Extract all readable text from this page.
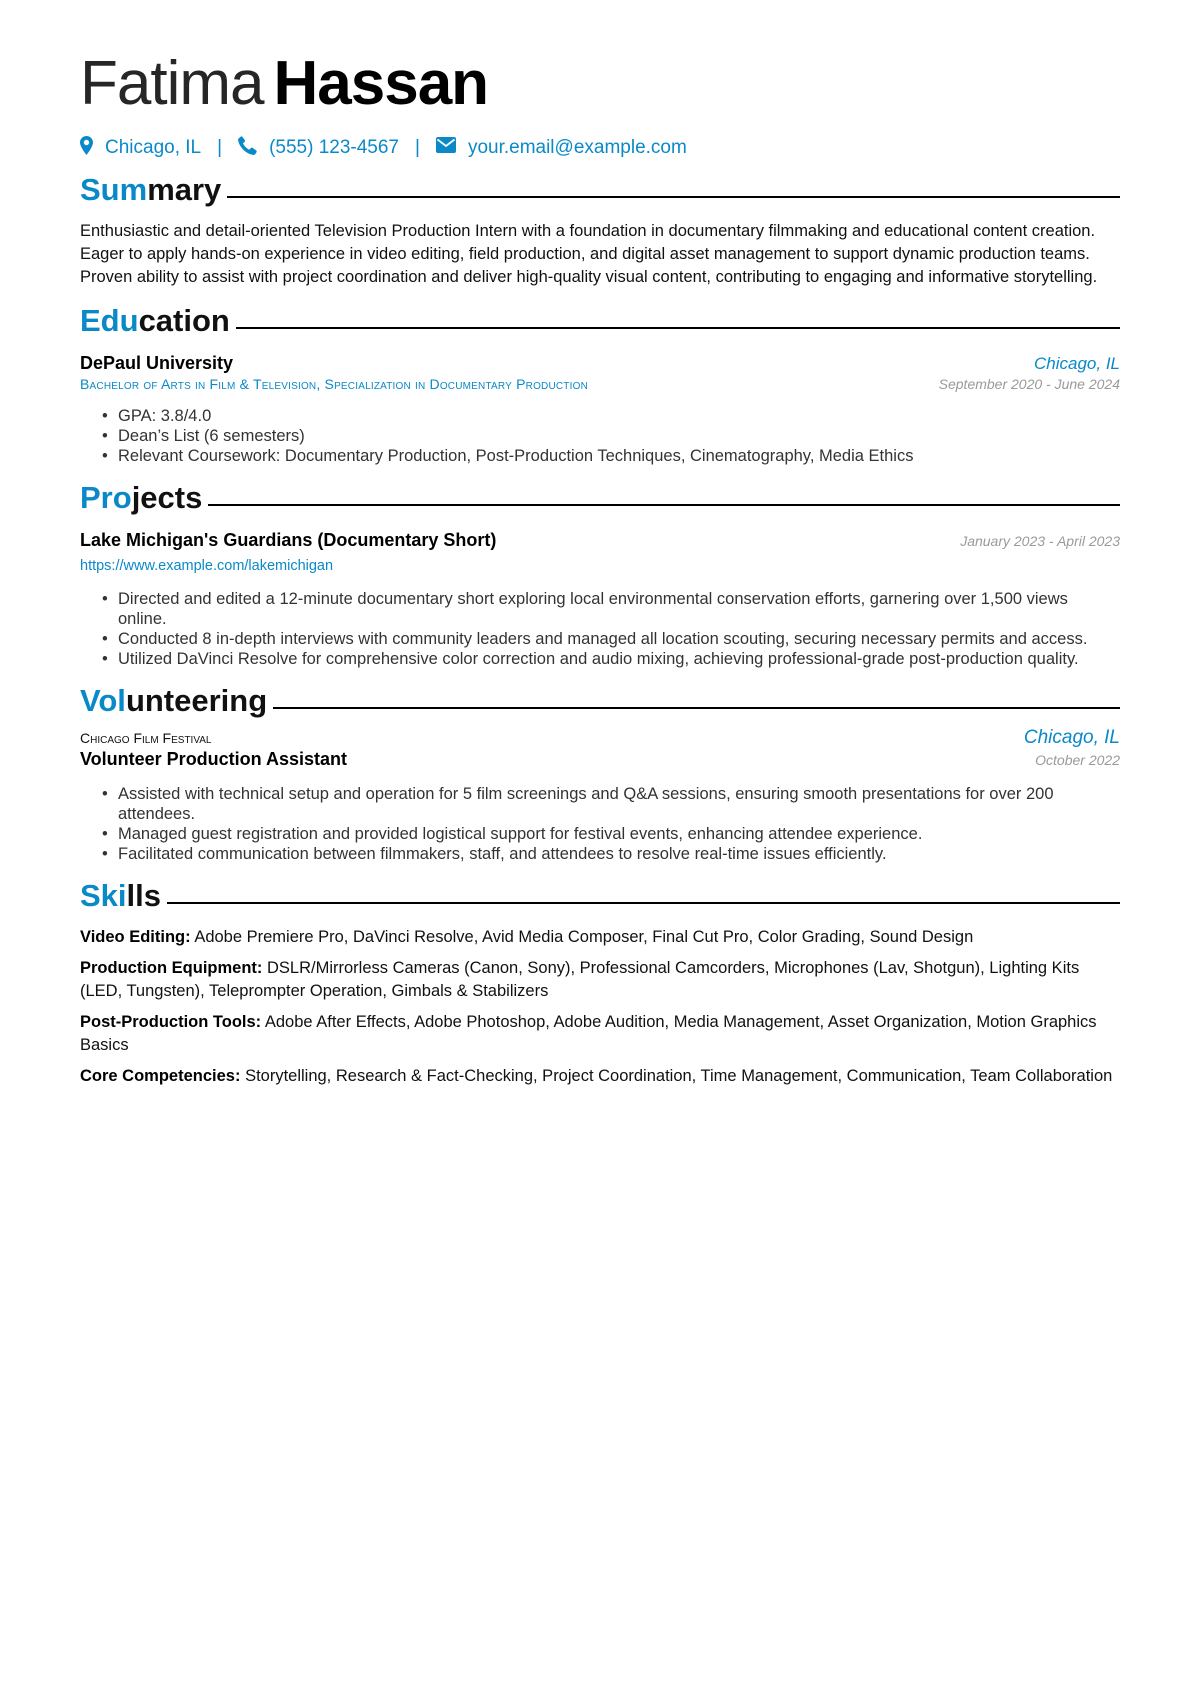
Fatima Hassan
Chicago, IL | (555) 123-4567 |	your.email@example.com
Summary
Enthusiastic and detail-oriented Television Production Intern with a foundation in documentary filmmaking and educational content creation. Eager to apply hands-on experience in video editing, field production, and digital asset management to support dynamic production teams. Proven ability to assist with project coordination and deliver high-quality visual content, contributing to engaging and informative storytelling.
Education
DePaul University	Chicago, IL
Bachelor of Arts in Film & Television, Specialization in Documentary Production	September 2020 - June 2024
• GPA: 3.8/4.0
• Dean’s List (6 semesters)
• Relevant Coursework: Documentary Production, Post-Production Techniques, Cinematography, Media Ethics
Projects
Lake Michigan's Guardians (Documentary Short)	January 2023 - April 2023
https://www.example.com/lakemichigan
• Directed and edited a 12-minute documentary short exploring local environmental conservation efforts, garnering over 1,500 views online.
• Conducted 8 in-depth interviews with community leaders and managed all location scouting, securing necessary permits and access.
• Utilized DaVinci Resolve for comprehensive color correction and audio mixing, achieving professional-grade post-production quality.
Volunteering
Chicago Film Festival	Chicago, IL
Volunteer Production Assistant	October 2022
• Assisted with technical setup and operation for 5 film screenings and Q&A sessions, ensuring smooth presentations for over 200 attendees.
• Managed guest registration and provided logistical support for festival events, enhancing attendee experience.
• Facilitated communication between filmmakers, staff, and attendees to resolve real-time issues efficiently.
Skills
Video Editing: Adobe Premiere Pro, DaVinci Resolve, Avid Media Composer, Final Cut Pro, Color Grading, Sound Design
Production Equipment: DSLR/Mirrorless Cameras (Canon, Sony), Professional Camcorders, Microphones (Lav, Shotgun), Lighting Kits (LED, Tungsten), Teleprompter Operation, Gimbals & Stabilizers
Post-Production Tools: Adobe After Effects, Adobe Photoshop, Adobe Audition, Media Management, Asset Organization, Motion Graphics Basics
Core Competencies: Storytelling, Research & Fact-Checking, Project Coordination, Time Management, Communication, Team Collaboration
